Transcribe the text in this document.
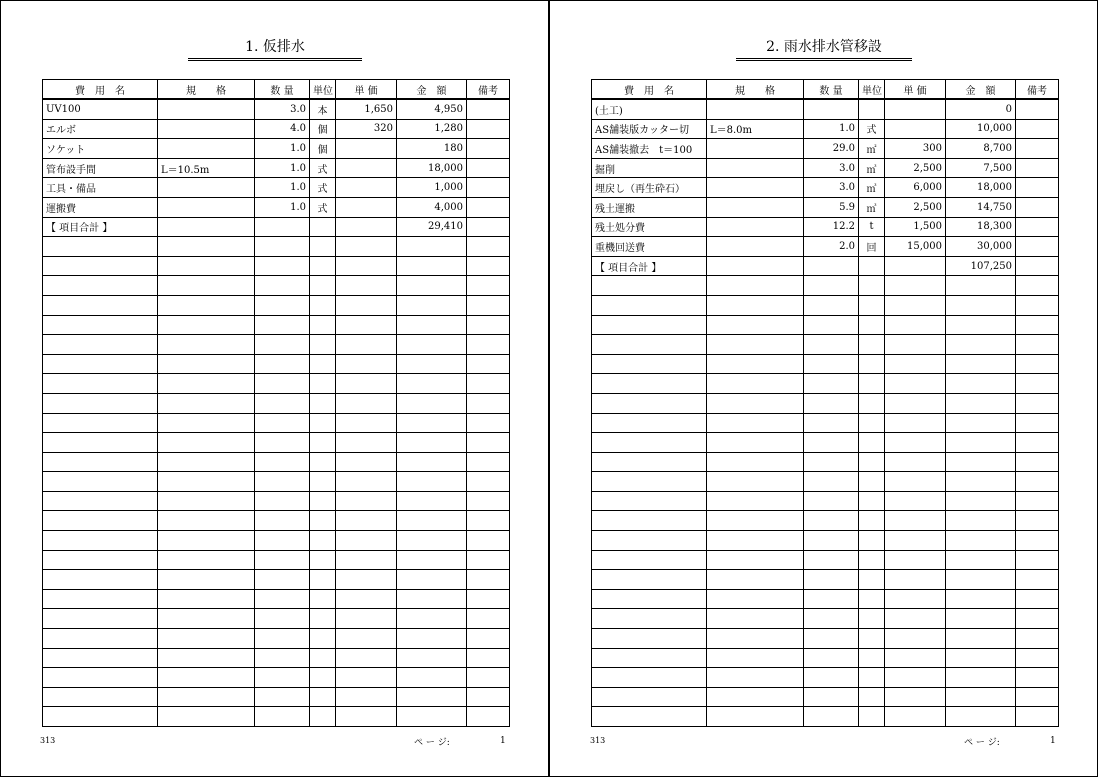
1. 仮排水
費　用　名	規　　格	数 量	単位	単 価	金　額	備考
UV100		3.0	本	1,650	4,950	
エルボ		4.0	個	320	1,280	
ソケット		1.0	個		180	
管布設手間	L＝10.5m	1.0	式		18,000	
工具・備品		1.0	式		1,000	
運搬費		1.0	式		4,000	
【 項目合計 】					29,410	

313	ペ ー ジ:	1
2. 雨水排水管移設
費　用　名	規　　格	数 量	単位	単 価	金　額	備考
(土工)					0	
AS舗装版カッター切	L＝8.0m	1.0	式		10,000	
AS舗装撤去　t＝100		29.0	㎡	300	8,700	
掘削		3.0	㎥	2,500	7,500	
埋戻し（再生砕石）		3.0	㎥	6,000	18,000	
残土運搬		5.9	㎥	2,500	14,750	
残土処分費		12.2	t	1,500	18,300	
重機回送費		2.0	回	15,000	30,000	
【 項目合計 】					107,250	

313	ペ ー ジ:	1
